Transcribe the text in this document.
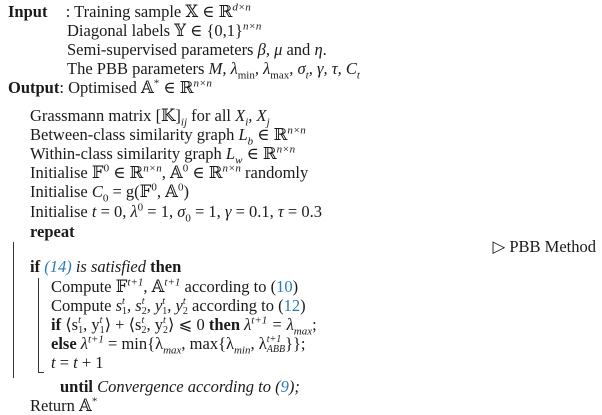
Input : Training sample 𝕏 ∈ ℝ$^{d\times n}$
Diagonal labels 𝕐 ∈ $\{0,1\}^{n\times n}$
Semi-supervised parameters β, μ and η.
The PBB parameters M, $\lambda_{min}$, $\lambda_{max}$, $\sigma_t$, γ, τ, $C_t$
Output: Optimised 𝔸* ∈ ℝ$^{n\times n}$
Grassmann matrix $[𝕂]_{ij}$ for all $X_i$, $X_j$
Between-class similarity graph $L_b$ ∈ ℝ$^{n\times n}$
Within-class similarity graph $L_w$ ∈ ℝ$^{n\times n}$
Initialise 𝔽$^0$ ∈ ℝ$^{n\times n}$, 𝔸$^0$ ∈ ℝ$^{n\times n}$ randomly
Initialise $C_0$ = g(𝔽$^0$, 𝔸$^0$)
Initialise t = 0, $\lambda^0 = 1$, $\sigma_0 = 1$, γ = 0.1, τ = 0.3
repeat
▷ PBB Method
if (14) is satisfied then
Compute 𝔽$^{t+1}$, 𝔸$^{t+1}$ according to (10)
Compute s t
1 , s t
2 , y t
1 , y t
2 according to (12)
if ⟨s t
1 , y t
1 ⟩ + ⟨s t
2 , y t
2 ⟩ ⩽ 0 then $\lambda^{t+1} = \lambda_{max}$;
else $\lambda^{t+1} = \min\{\lambda_{max}$, $\max\{\lambda_{min}$, λ t+1
ABB }};
t = t + 1
until Convergence according to (9);
Return 𝔸*
